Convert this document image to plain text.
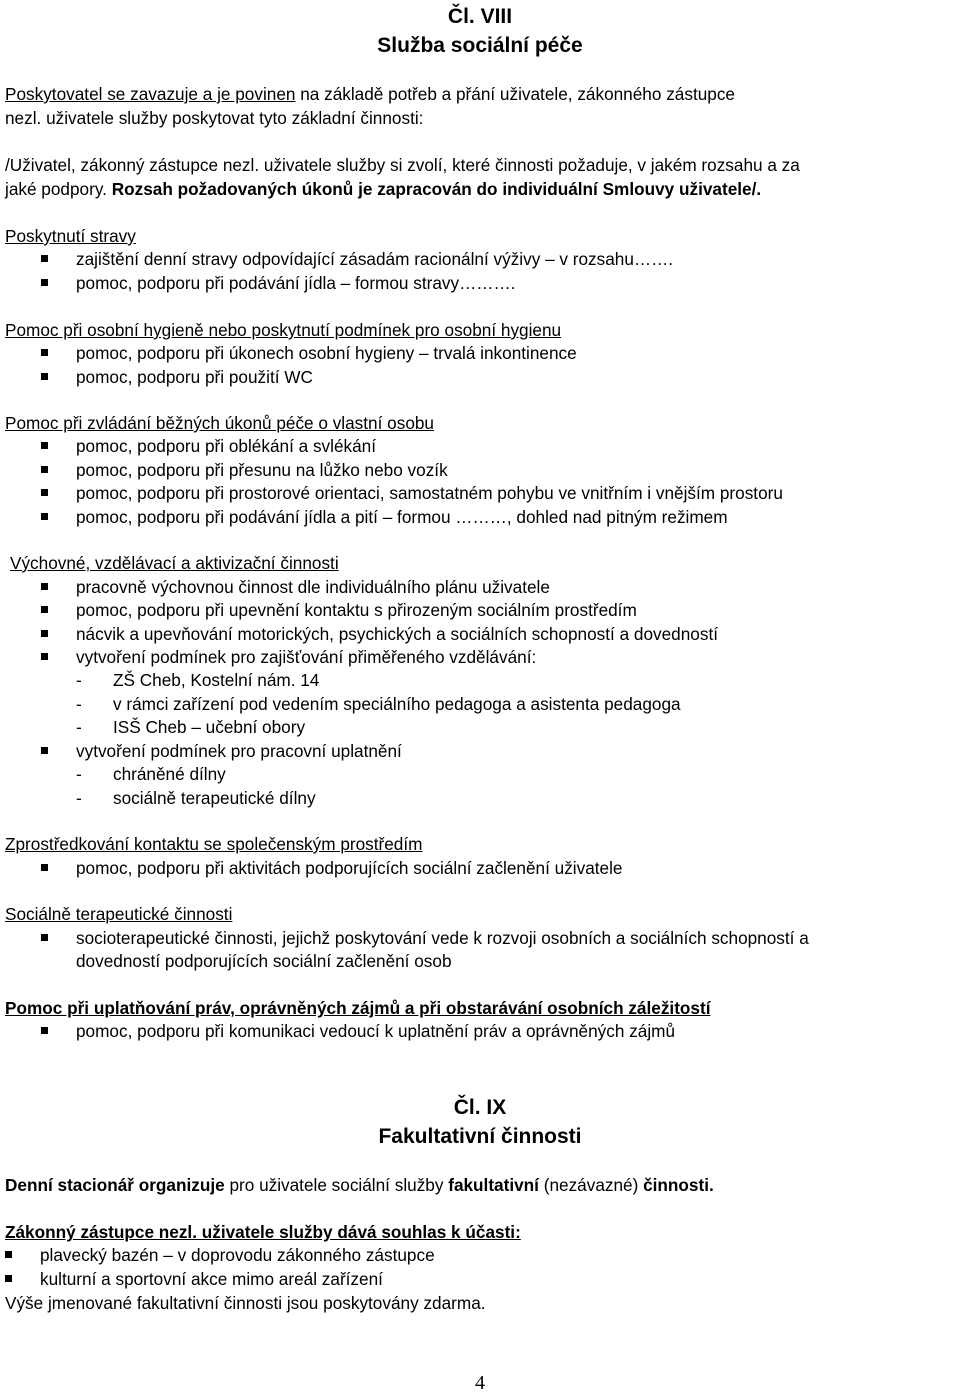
Čl. VIII
Služba sociální péče
Poskytovatel se zavazuje a je povinen na základě potřeb a přání uživatele, zákonného zástupce
nezl. uživatele služby poskytovat tyto základní činnosti:
/Uživatel, zákonný zástupce nezl. uživatele služby si zvolí, které činnosti požaduje, v jakém rozsahu a za
jaké podpory. Rozsah požadovaných úkonů je zapracován do individuální Smlouvy uživatele/.
Poskytnutí stravy
zajištění denní stravy odpovídající zásadám racionální výživy – v rozsahu…….
pomoc, podporu při podávání jídla – formou stravy……….
Pomoc při osobní hygieně nebo poskytnutí podmínek pro osobní hygienu
pomoc, podporu při úkonech osobní hygieny – trvalá inkontinence
pomoc, podporu při použití WC
Pomoc při zvládání běžných úkonů péče o vlastní osobu
pomoc, podporu při oblékání a svlékání
pomoc, podporu při přesunu na lůžko nebo vozík
pomoc, podporu při prostorové orientaci, samostatném pohybu ve vnitřním i vnějším prostoru
pomoc, podporu při podávání jídla a pití – formou ………, dohled nad pitným režimem
Výchovné, vzdělávací a aktivizační činnosti
pracovně výchovnou činnost dle individuálního plánu uživatele
pomoc, podporu při upevnění kontaktu s přirozeným sociálním prostředím
nácvik a upevňování motorických, psychických a sociálních schopností a dovedností
vytvoření podmínek pro zajišťování přiměřeného vzdělávání:
- ZŠ Cheb, Kostelní nám. 14
- v rámci zařízení pod vedením speciálního pedagoga a asistenta pedagoga
- ISŠ Cheb – učební obory
vytvoření podmínek pro pracovní uplatnění
- chráněné dílny
- sociálně terapeutické dílny
Zprostředkování kontaktu se společenským prostředím
pomoc, podporu při aktivitách podporujících sociální začlenění uživatele
Sociálně terapeutické činnosti
socioterapeutické činnosti, jejichž poskytování vede k rozvoji osobních a sociálních schopností a
dovedností podporujících sociální začlenění osob
Pomoc při uplatňování práv, oprávněných zájmů a při obstarávání osobních záležitostí
pomoc, podporu při komunikaci vedoucí k uplatnění práv a oprávněných zájmů
Čl. IX
Fakultativní činnosti
Denní stacionář organizuje pro uživatele sociální služby fakultativní (nezávazné) činnosti.
Zákonný zástupce nezl. uživatele služby dává souhlas k účasti:
plavecký bazén – v doprovodu zákonného zástupce
kulturní a sportovní akce mimo areál zařízení
Výše jmenované fakultativní činnosti jsou poskytovány zdarma.
4
